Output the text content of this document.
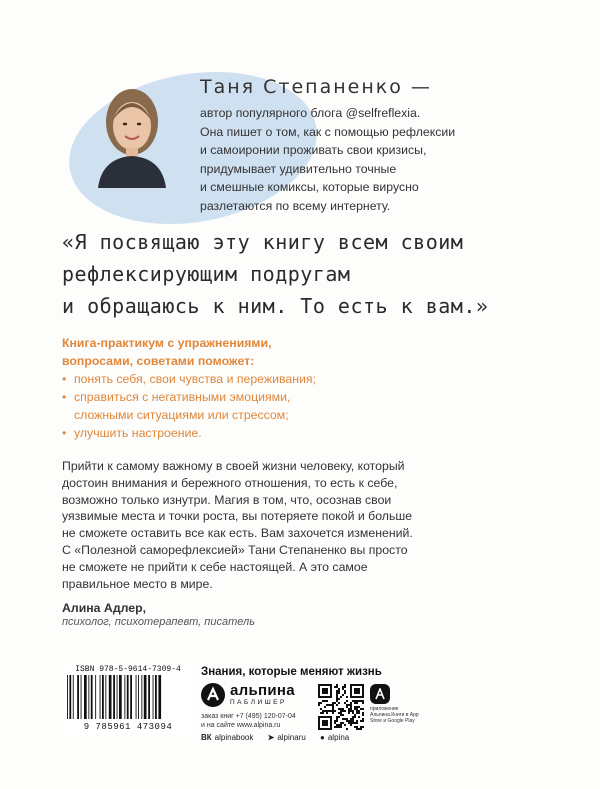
Таня Степаненко —
автор популярного блога @selfreflexia.
Она пишет о том, как с помощью рефлексии
и самоиронии проживать свои кризисы,
придумывает удивительно точные
и смешные комиксы, которые вирусно
разлетаются по всему интернету.
«Я посвящаю эту книгу всем своим
рефлексирующим подругам
и обращаюсь к ним. То есть к вам.»
Книга-практикум с упражнениями,
вопросами, советами поможет:
• понять себя, свои чувства и переживания;
• справиться с негативными эмоциями,
сложными ситуациями или стрессом;
• улучшить настроение.
Прийти к самому важному в своей жизни человеку, который
достоин внимания и бережного отношения, то есть к себе,
возможно только изнутри. Магия в том, что, осознав свои
уязвимые места и точки роста, вы потеряете покой и больше
не сможете оставить все как есть. Вам захочется изменений.
С «Полезной саморефлексией» Тани Степаненко вы просто
не сможете не прийти к себе настоящей. А это самое
правильное место в мире.
Алина Адлер,
психолог, психотерапевт, писатель
ISBN 978-5-9614-7309-4
9 785961 473094
Знания, которые меняют жизнь
альпина
ПАБЛИШЕР
заказ книг +7 (495) 120-07-04
и на сайте www.alpina.ru
приложение Альпина.Книги в App Store и Google Play
ВК alpinabook ➤ alpinaru ● alpina
